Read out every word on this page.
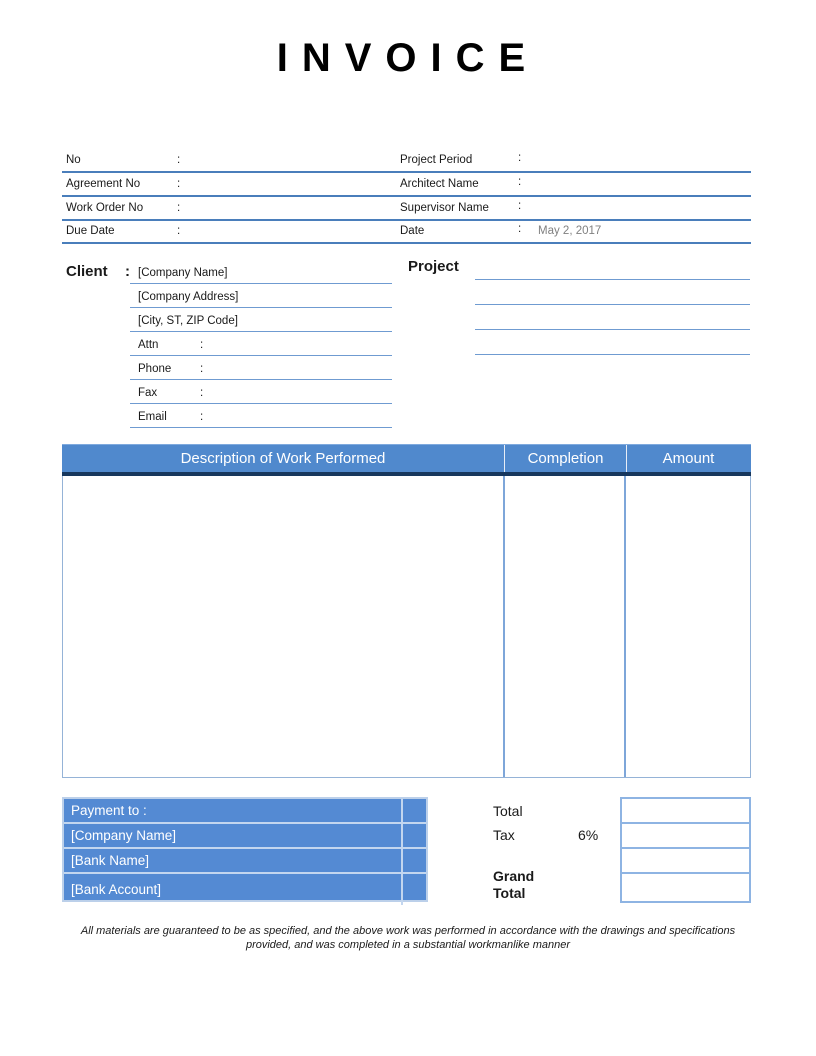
INVOICE
No	:	Project Period	:
Agreement No	:	Architect Name	:
Work Order No	:	Supervisor Name	:
Due Date	:	Date	: May 2, 2017
Client : [Company Name]
[Company Address]
[City, ST, ZIP Code]
Attn	:
Phone :
Fax	:
Email	:
Project
Description of Work Performed	Completion	Amount
Payment to :
[Company Name]
[Bank Name]
[Bank Account]
Total
Tax	6%
Grand Total
All materials are guaranteed to be as specified, and the above work was performed in accordance with the drawings and specifications provided, and was completed in a substantial workmanlike manner
